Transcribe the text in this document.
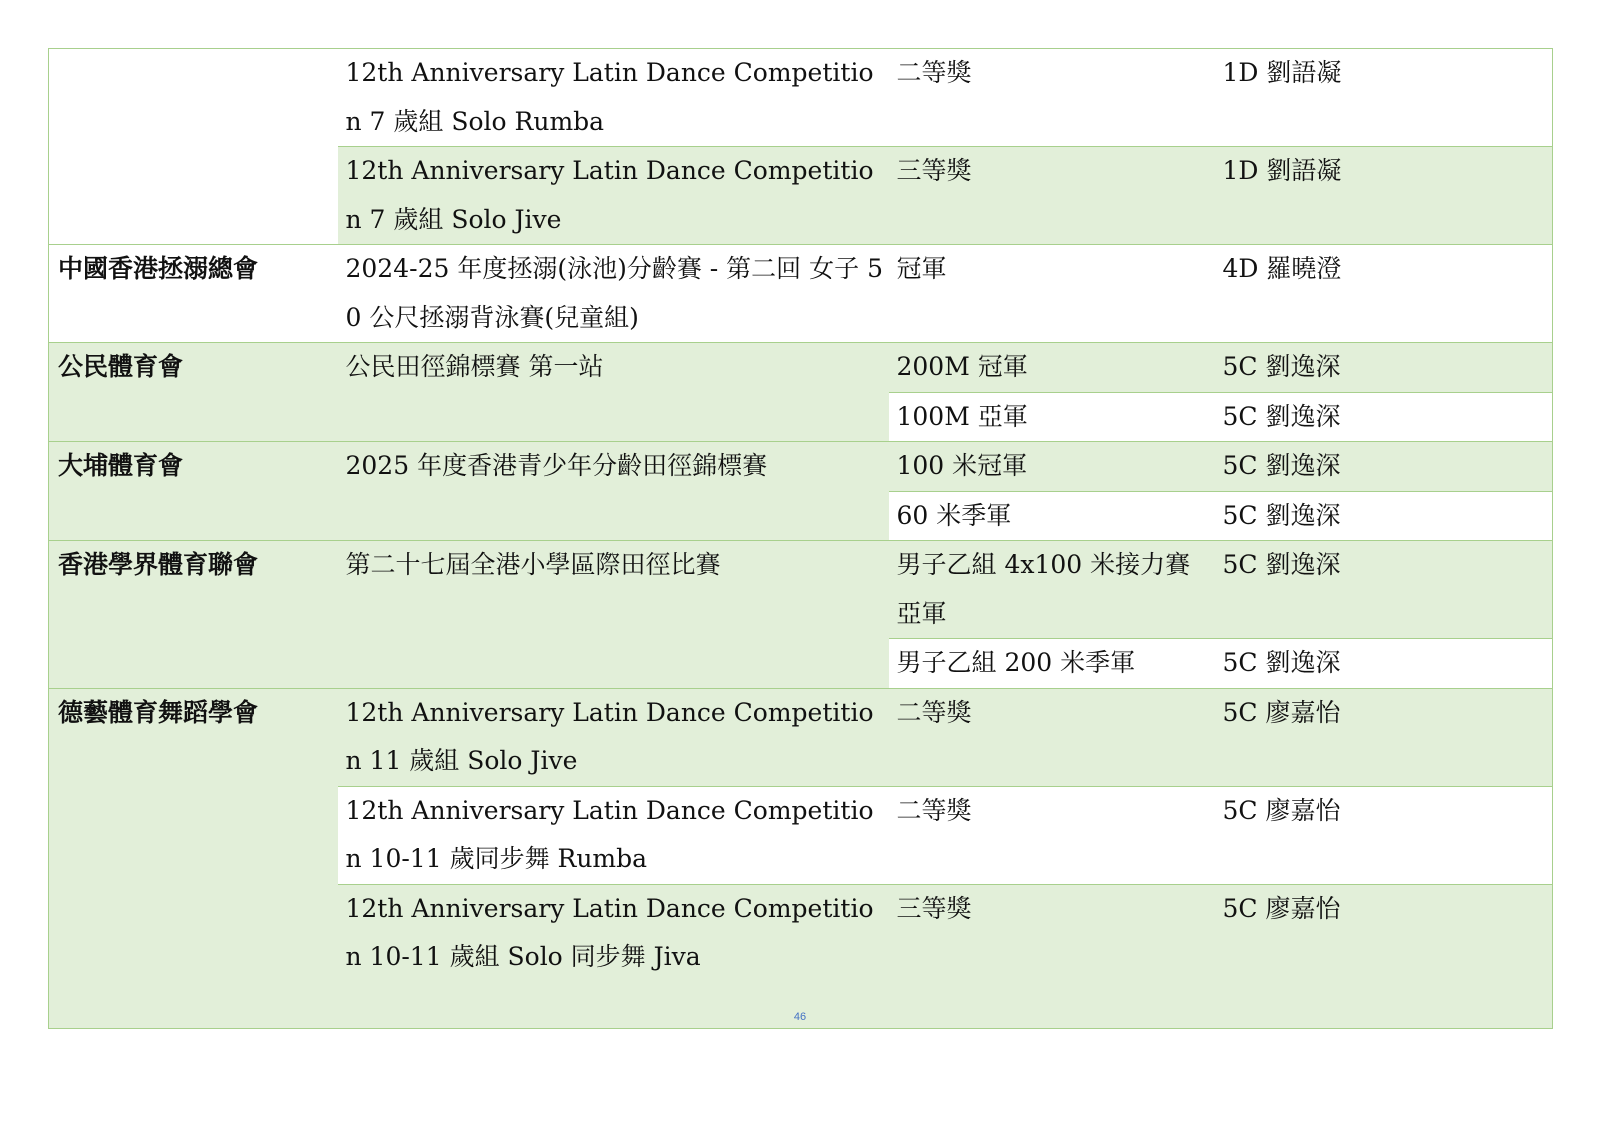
	12th Anniversary Latin Dance Competition 7 歲組 Solo Rumba	二等獎	1D 劉語凝
	12th Anniversary Latin Dance Competition 7 歲組 Solo Jive	三等獎	1D 劉語凝
中國香港拯溺總會	2024-25 年度拯溺(泳池)分齡賽 - 第二回 女子 50 公尺拯溺背泳賽(兒童組)	冠軍	4D 羅曉澄
公民體育會	公民田徑錦標賽 第一站	200M 冠軍	5C 劉逸深
		100M 亞軍	5C 劉逸深
大埔體育會	2025 年度香港青少年分齡田徑錦標賽	100 米冠軍	5C 劉逸深
		60 米季軍	5C 劉逸深
香港學界體育聯會	第二十七屆全港小學區際田徑比賽	男子乙組 4x100 米接力賽亞軍	5C 劉逸深
		男子乙組 200 米季軍	5C 劉逸深
德藝體育舞蹈學會	12th Anniversary Latin Dance Competition 11 歲組 Solo Jive	二等獎	5C 廖嘉怡
	12th Anniversary Latin Dance Competition 10-11 歲同步舞 Rumba	二等獎	5C 廖嘉怡
	12th Anniversary Latin Dance Competition 10-11 歲組 Solo 同步舞 Jiva	三等獎	5C 廖嘉怡
46
